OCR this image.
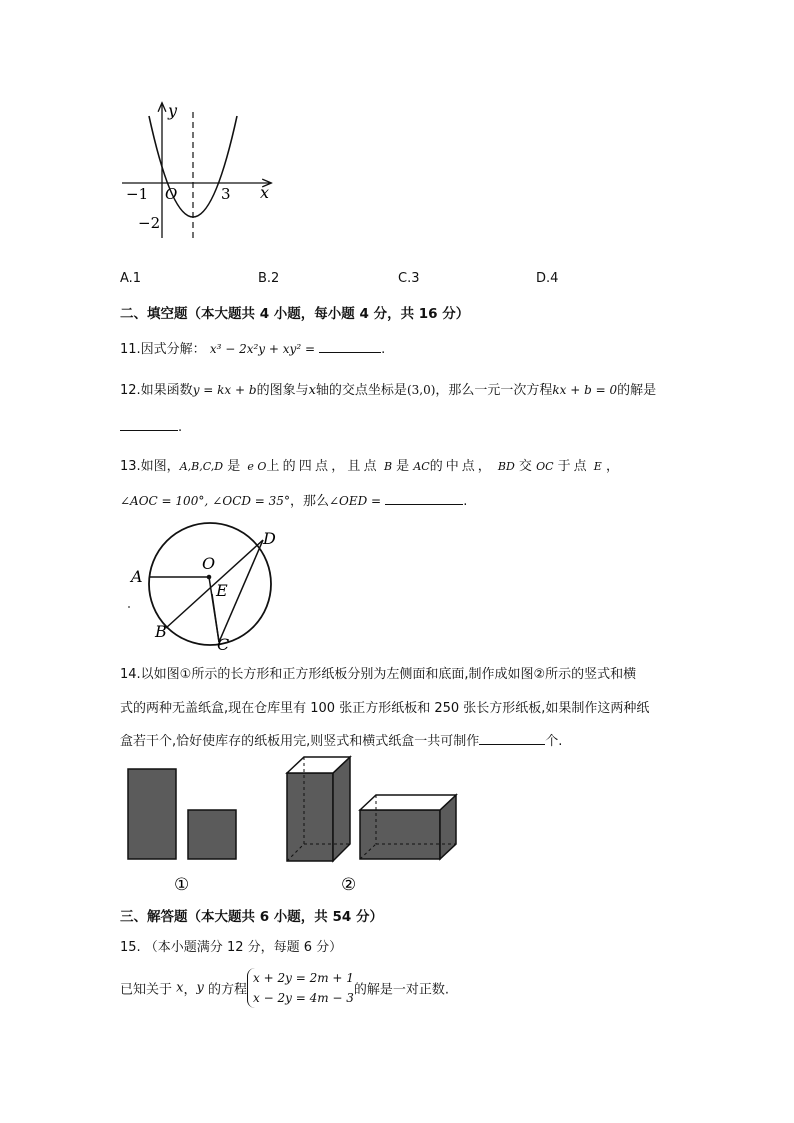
y
x
−1 O	3
−2
A.1	B.2	C.3	D.4
二、填空题（本大题共 4 小题，每小题 4 分，共 16 分）
11.因式分解： x³ − 2x²y + xy² =	.
12.如果函数y = kx + b的图象与x轴的交点坐标是(3,0)，那么一元一次方程kx + b = 0的解是
.
13.如图，A,B,C,D 是 e O上的四点，且点 B 是 AC的中点， BD 交 OC 于点 E ，
∠AOC = 100°, ∠OCD = 35°，那么∠OED =	.
A
B
C
D
O
E
14.以如图①所示的长方形和正方形纸板分别为左侧面和底面,制作成如图②所示的竖式和横
式的两种无盖纸盒,现在仓库里有 100 张正方形纸板和 250 张长方形纸板,如果制作这两种纸
盒若干个,恰好使库存的纸板用完,则竖式和横式纸盒一共可制作	个.
①	②
三、解答题（本大题共 6 小题，共 54 分）
15. （本小题满分 12 分，每题 6 分）
已知关于 x，y 的方程
x + 2y = 2m + 1
x − 2y = 4m − 3
的解是一对正数.
